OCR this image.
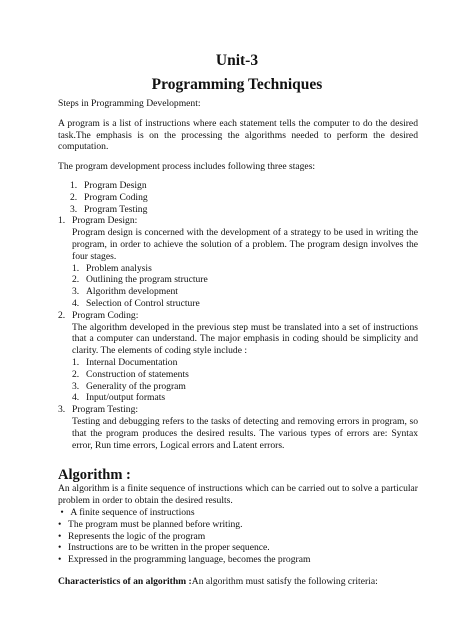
Unit-3
Programming Techniques

Steps in Programming Development:

A program is a list of instructions where each statement tells the computer to do the desired task.The emphasis is on the processing the algorithms needed to perform the desired computation.

The program development process includes following three stages:

1. Program Design
2. Program Coding
3. Program Testing
1. Program Design:

Program design is concerned with the development of a strategy to be used in writing the program, in order to achieve the solution of a problem. The program design involves the four stages.

1. Problem analysis
2. Outlining the program structure
3. Algorithm development
4. Selection of Control structure
2. Program Coding:

The algorithm developed in the previous step must be translated into a set of instructions that a computer can understand. The major emphasis in coding should be simplicity and clarity. The elements of coding style include :

1. Internal Documentation
2. Construction of statements
3. Generality of the program
4. Input/output formats
3. Program Testing:

Testing and debugging refers to the tasks of detecting and removing errors in program, so that the program produces the desired results. The various types of errors are: Syntax error, Run time errors, Logical errors and Latent errors.

Algorithm :

An algorithm is a finite sequence of instructions which can be carried out to solve a particular problem in order to obtain the desired results.

• A finite sequence of instructions
• The program must be planned before writing.
• Represents the logic of the program
• Instructions are to be written in the proper sequence.
• Expressed in the programming language, becomes the program

Characteristics of an algorithm :An algorithm must satisfy the following criteria:
